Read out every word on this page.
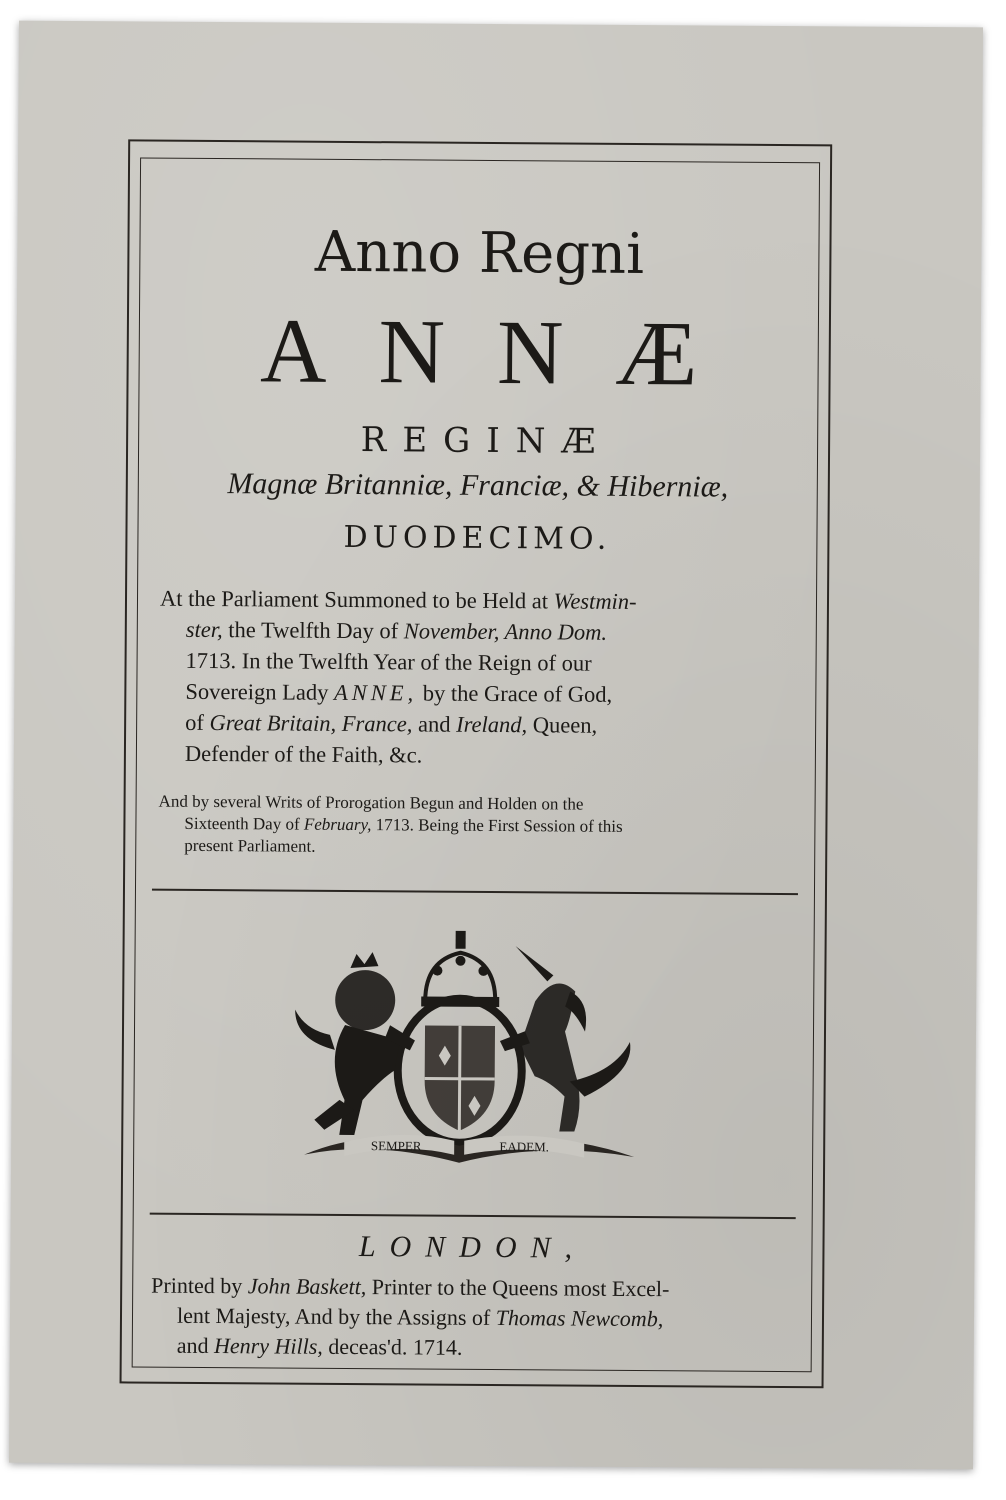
Anno Regni
ANNÆ
REGINÆ
Magnæ Britanniæ, Franciæ, & Hiberniæ,
DUODECIMO.
At the Parliament Summoned to be Held at Westmin-
ster, the Twelfth Day of November, Anno Dom.
1713. In the Twelfth Year of the Reign of our
Sovereign Lady ANNE, by the Grace of God,
of Great Britain, France, and Ireland, Queen,
Defender of the Faith, &c.
And by several Writs of Prorogation Begun and Holden on the
Sixteenth Day of February, 1713. Being the First Session of this
present Parliament.
SEMPER	EADEM.
LONDON,
Printed by John Baskett, Printer to the Queens most Excel-
lent Majesty, And by the Assigns of Thomas Newcomb,
and Henry Hills, deceas'd. 1714.
